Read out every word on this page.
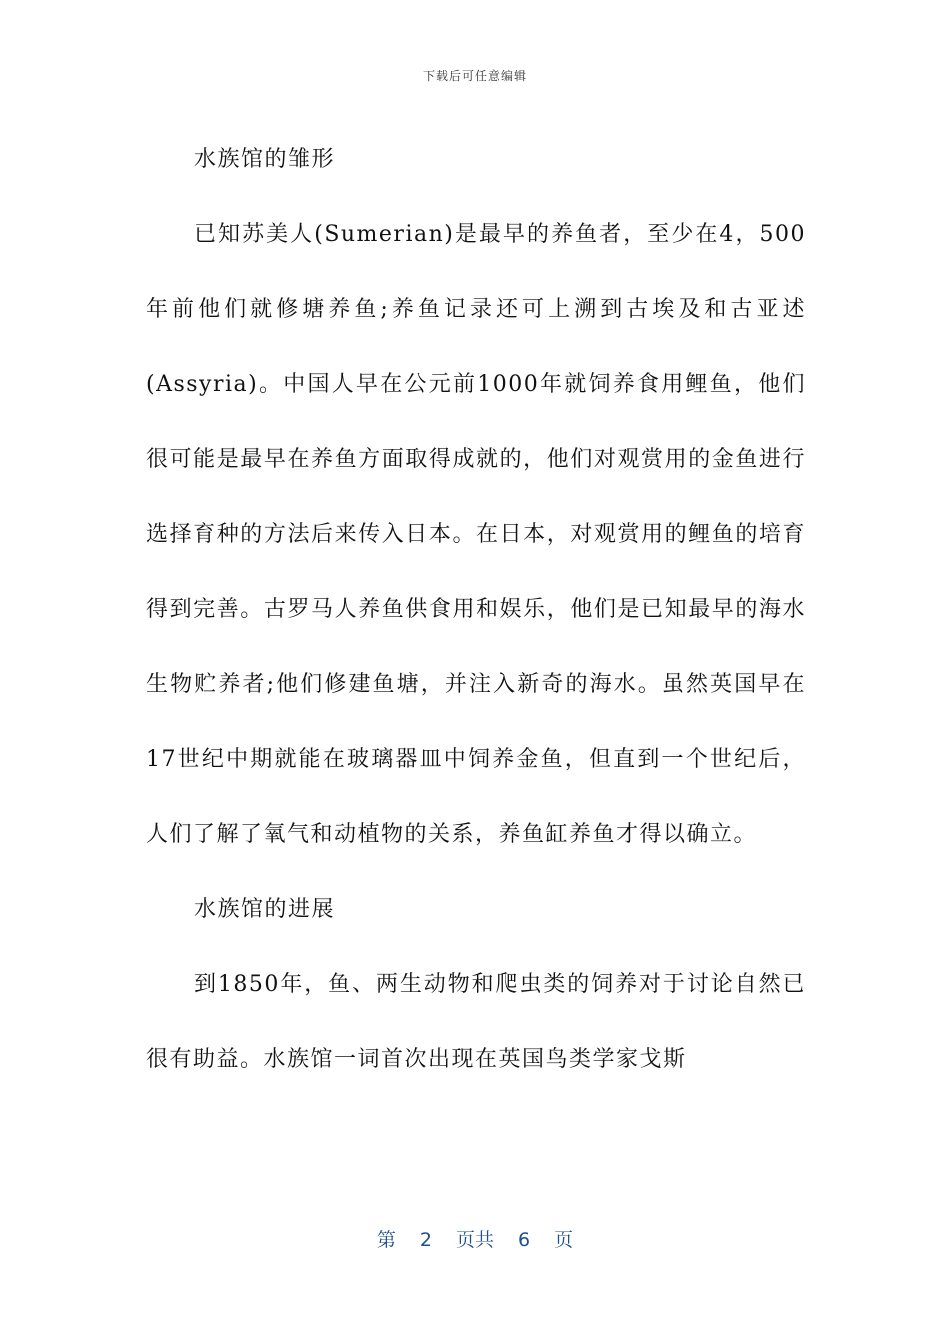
下载后可任意编辑

水族馆的雏形

已知苏美人(Sumerian)是最早的养鱼者，至少在4，500年前他们就修塘养鱼;养鱼记录还可上溯到古埃及和古亚述(Assyria)。中国人早在公元前1000年就饲养食用鲤鱼，他们很可能是最早在养鱼方面取得成就的，他们对观赏用的金鱼进行选择育种的方法后来传入日本。在日本，对观赏用的鲤鱼的培育得到完善。古罗马人养鱼供食用和娱乐，他们是已知最早的海水生物贮养者;他们修建鱼塘，并注入新奇的海水。虽然英国早在17世纪中期就能在玻璃器皿中饲养金鱼，但直到一个世纪后，人们了解了氧气和动植物的关系，养鱼缸养鱼才得以确立。

水族馆的进展

到1850年，鱼、两生动物和爬虫类的饲养对于讨论自然已很有助益。水族馆一词首次出现在英国鸟类学家戈斯

第 2 页共 6 页
